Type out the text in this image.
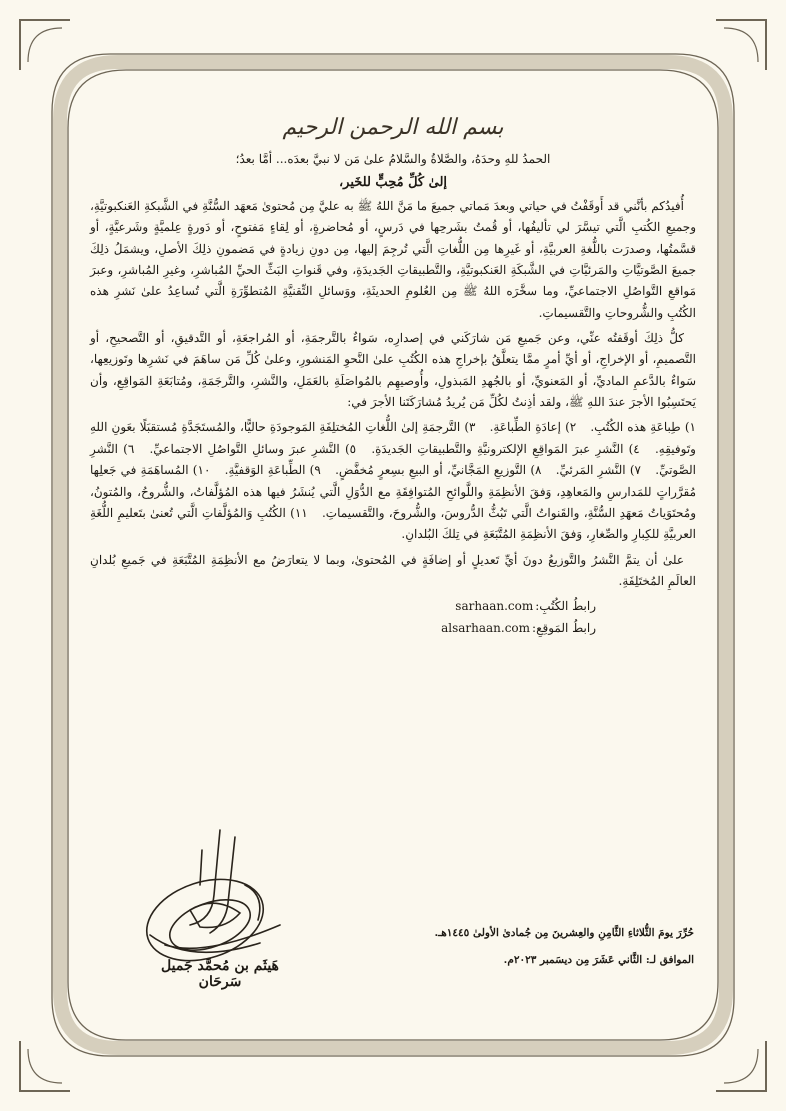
بسم الله الرحمن الرحيم

الحمدُ للهِ وحدَهُ، والصَّلاةُ والسَّلامُ علىٰ مَن لا نبيَّ بعدَه... أمَّا بعدُ؛

إلىٰ كُلِّ مُحِبٍّ للخَير،

أُفيدُكم بأنَّني قد أَوقَفْتُ في حياتي وبعدَ مَماتي جميعَ ما مَنَّ اللهُ ﷺ به عليَّ مِن مُحتوىٰ مَعهَد السُّنَّةِ في الشَّبكةِ العَنكبوتيَّةِ، وجميعِ الكُتبِ الَّتي تيسَّرَ لي تأليفُها، أو قُمتُ بشَرحِها في دَرسٍ، أو مُحاضرةٍ، أو لِقاءٍ مَفتوحٍ، أو دَورةٍ عِلميَّةٍ وشَرعيَّةٍ، أو قسَّمتُها، وصدرَت باللُّغةِ العربيَّةِ، أو غَيرِها مِن اللُّغاتِ الَّتي تُرجِمَ إليها، مِن دونِ زيادةٍ في مَضمونِ ذلِكَ الأصلِ، ويشمَلُ ذلِكَ جميعَ الصَّوتيَّاتِ والمَرئيَّاتِ في الشَّبكَةِ العَنكبوتيَّةِ، والتَّطبيقاتِ الجَديدَةِ، وفي قَنواتِ البَثِّ الحيِّ المُباشرِ، وغيرِ المُباشرِ، وعبرَ مَواقعِ التَّواصُلِ الاجتماعيِّ، وما سخَّرَه اللهُ ﷺ مِن العُلومِ الحديثَةِ، ووَسائلِ التِّقنيَّةِ المُتطوِّرَةِ الَّتي تُساعِدُ علىٰ نَشرِ هذه الكُتُبِ والشُّروحاتِ والتَّقسيماتِ.

كلُّ ذلِكَ أوقَفتُه عنِّي، وعن جَميعِ مَن شارَكَني في إصدارِه، سَواءٌ بالتَّرجمَةِ، أو المُراجعَةِ، أو التَّدقيقِ، أو التَّصحيحِ، أو التَّصميمِ، أو الإخراجِ، أو أيِّ أمرٍ ممَّا يتعلَّقُ بإخراجِ هذه الكُتُبِ علىٰ النَّحوِ المَنشورِ، وعلىٰ كُلِّ مَن ساهَمَ في نَشرِها وتَوزيعِها، سَواءٌ بالدَّعمِ الماديِّ، أو المَعنويِّ، أو بالجُهدِ المَبذولِ، وأُوصيهِم بالمُواصَلَةِ بالعَمَلِ، والنَّشرِ، والتَّرجَمَةِ، ومُتابَعَةِ المَواقِعِ، وأن يَحتَسِبُوا الأجرَ عندَ اللهِ ﷺ، ولقد أذِنتُ لكُلِّ مَن يُريدُ مُشارَكَتَنا الأجرَ في:

١) طِباعَةِ هذه الكُتُبِ. ٢) إعادَةِ الطِّباعَةِ. ٣) التَّرجمَةِ إلىٰ اللُّغاتِ المُختلِفَةِ المَوجودَةِ حاليًّا، والمُستَجَدَّةِ مُستقبَلًا بعَونِ اللهِ وتَوفيقِهِ. ٤) النَّشرِ عبرَ المَواقِعِ الإلكترونيَّةِ والتَّطبيقاتِ الجَديدَةِ. ٥) النَّشرِ عبرَ وسائلِ التَّواصُلِ الاجتماعيِّ. ٦) النَّشرِ الصَّوتيِّ. ٧) النَّشرِ المَرئيِّ. ٨) التَّوزيعِ المَجَّانيِّ، أو البيعِ بسِعرٍ مُخفَّضٍ. ٩) الطِّباعَةِ الوَقفيَّةِ. ١٠) المُساهَمَةِ في جَعلِها مُقرَّراتٍ للمَدارسِ والمَعاهِدِ، وَفقَ الأنظِمَةِ واللَّوائحِ المُتوافِقَةِ مع الدُّوَلِ الَّتي يُنشَرُ فيها هذه المُؤلَّفاتُ، والشُّروحُ، والمُتونُ، ومُحتَوَياتُ مَعهَدِ السُّنَّةِ، والقَنواتُ الَّتي تَبُثُّ الدُّروسَ، والشُّروحَ، والتَّقسيماتِ. ١١) الكُتُبِ وَالمُؤلَّفاتِ الَّتي تُعنىٰ بتَعليمِ اللُّغَةِ العربيَّةِ للكِبارِ والصِّغارِ، وَفقَ الأنظِمَةِ المُتَّبَعَةِ في تِلكَ البُلدانِ.

علىٰ أن يتمَّ النَّشرُ والتَّوزيعُ دونَ أيِّ تَعديلٍ أو إضافَةٍ في المُحتوىٰ، وبما لا يتعارَضُ مع الأنظِمَةِ المُتَّبَعَةِ في جَميعِ بُلدانِ العالَمِ المُختَلِفَةِ.

رابطُ الكُتُبِ:
sarhaan.com
رابطُ المَوقِعِ:
alsarhaan.com
هَيثَم بن مُحمَّد جَميل سَرحَان
حُرِّرَ يومَ الثُّلاثاءِ الثَّامِنِ والعِشرينَ مِن جُمادىٰ الأولىٰ ١٤٤٥هـ.
الموافق لـ: الثَّاني عَشَرَ مِن ديسَمبر ٢٠٢٣م.
